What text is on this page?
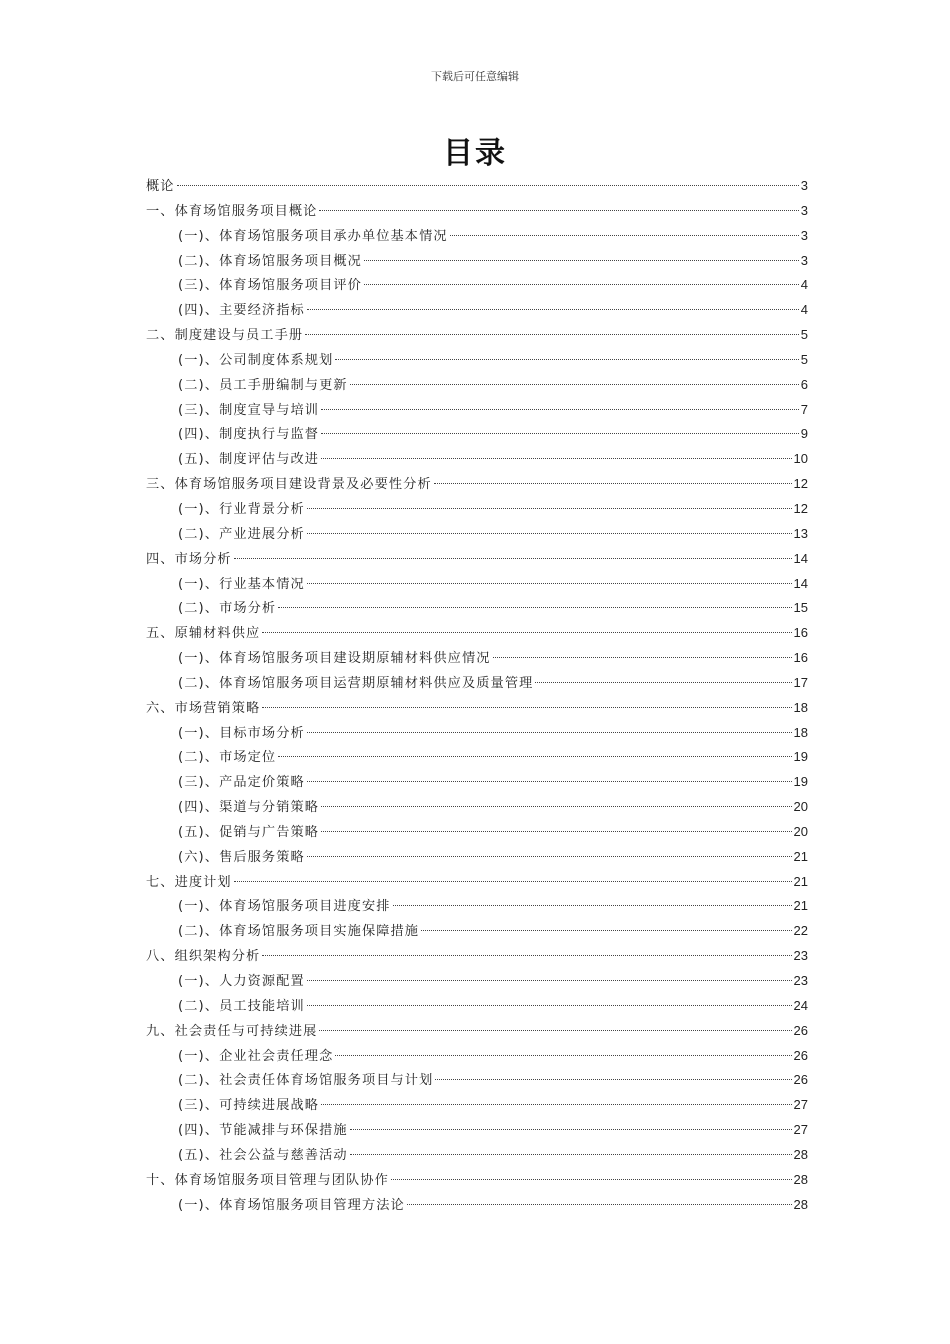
下载后可任意编辑
目录
概论	3
一、体育场馆服务项目概论	3
(一)、体育场馆服务项目承办单位基本情况	3
(二)、体育场馆服务项目概况	3
(三)、体育场馆服务项目评价	4
(四)、主要经济指标	4
二、制度建设与员工手册	5
(一)、公司制度体系规划	5
(二)、员工手册编制与更新	6
(三)、制度宣导与培训	7
(四)、制度执行与监督	9
(五)、制度评估与改进	10
三、体育场馆服务项目建设背景及必要性分析	12
(一)、行业背景分析	12
(二)、产业进展分析	13
四、市场分析	14
(一)、行业基本情况	14
(二)、市场分析	15
五、原辅材料供应	16
(一)、体育场馆服务项目建设期原辅材料供应情况	16
(二)、体育场馆服务项目运营期原辅材料供应及质量管理	17
六、市场营销策略	18
(一)、目标市场分析	18
(二)、市场定位	19
(三)、产品定价策略	19
(四)、渠道与分销策略	20
(五)、促销与广告策略	20
(六)、售后服务策略	21
七、进度计划	21
(一)、体育场馆服务项目进度安排	21
(二)、体育场馆服务项目实施保障措施	22
八、组织架构分析	23
(一)、人力资源配置	23
(二)、员工技能培训	24
九、社会责任与可持续进展	26
(一)、企业社会责任理念	26
(二)、社会责任体育场馆服务项目与计划	26
(三)、可持续进展战略	27
(四)、节能减排与环保措施	27
(五)、社会公益与慈善活动	28
十、体育场馆服务项目管理与团队协作	28
(一)、体育场馆服务项目管理方法论	28
